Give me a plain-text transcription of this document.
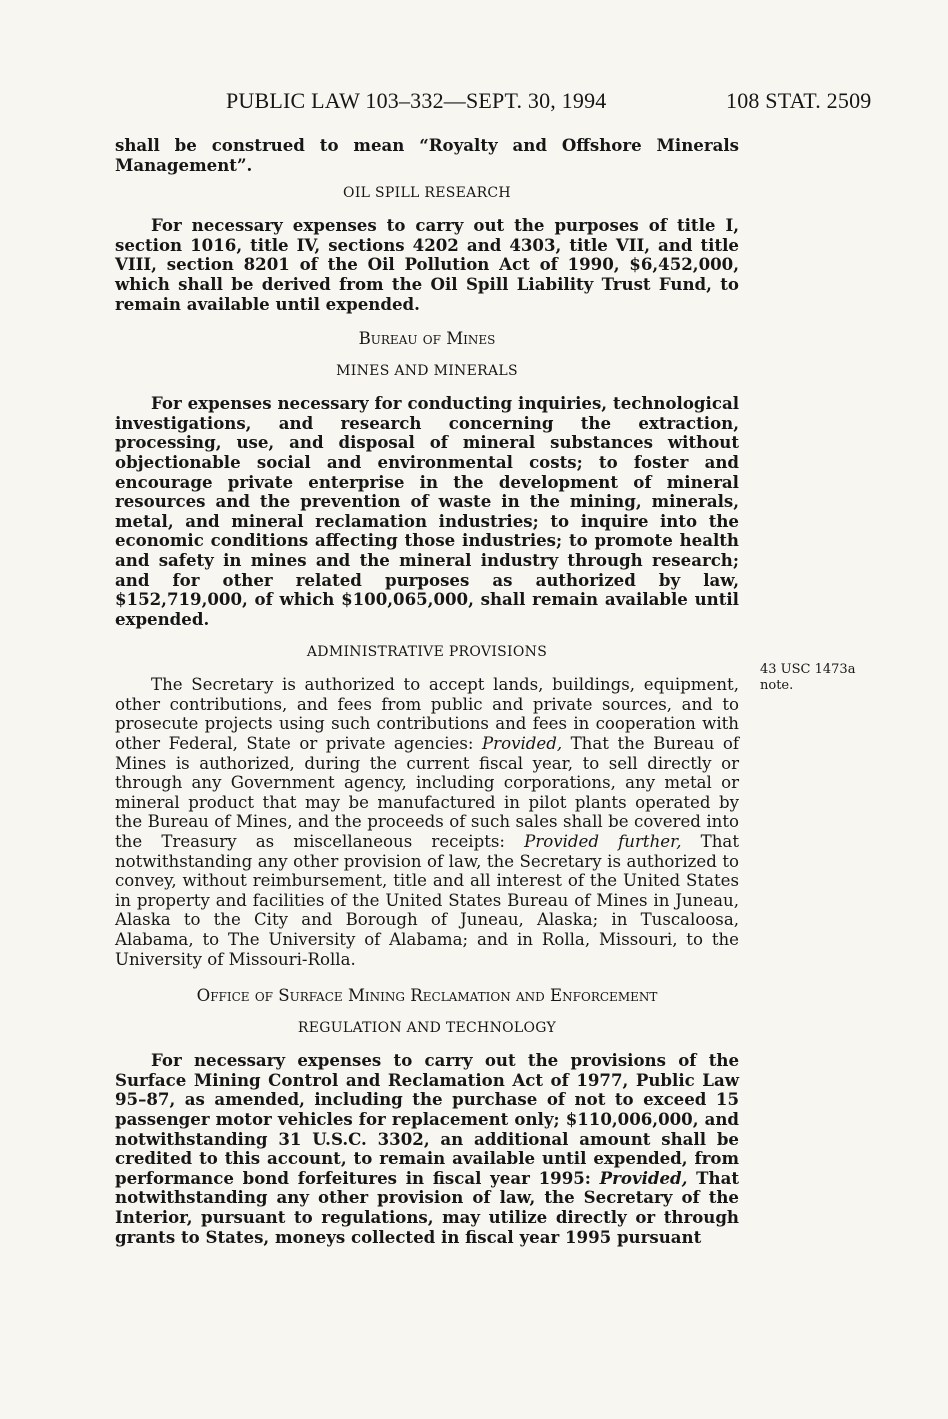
PUBLIC LAW 103–332—SEPT. 30, 1994	108 STAT. 2509

shall be construed to mean “Royalty and Offshore Minerals Management”.

OIL SPILL RESEARCH

For necessary expenses to carry out the purposes of title I, section 1016, title IV, sections 4202 and 4303, title VII, and title VIII, section 8201 of the Oil Pollution Act of 1990, $6,452,000, which shall be derived from the Oil Spill Liability Trust Fund, to remain available until expended.

Bureau of Mines
MINES AND MINERALS

For expenses necessary for conducting inquiries, technological investigations, and research concerning the extraction, processing, use, and disposal of mineral substances without objectionable social and environmental costs; to foster and encourage private enterprise in the development of mineral resources and the prevention of waste in the mining, minerals, metal, and mineral reclamation industries; to inquire into the economic conditions affecting those industries; to promote health and safety in mines and the mineral industry through research; and for other related purposes as authorized by law, $152,719,000, of which $100,065,000, shall remain available until expended.

ADMINISTRATIVE PROVISIONS

The Secretary is authorized to accept lands, buildings, equipment, other contributions, and fees from public and private sources, and to prosecute projects using such contributions and fees in cooperation with other Federal, State or private agencies: Provided, That the Bureau of Mines is authorized, during the current fiscal year, to sell directly or through any Government agency, including corporations, any metal or mineral product that may be manufactured in pilot plants operated by the Bureau of Mines, and the proceeds of such sales shall be covered into the Treasury as miscellaneous receipts: Provided further, That notwithstanding any other provision of law, the Secretary is authorized to convey, without reimbursement, title and all interest of the United States in property and facilities of the United States Bureau of Mines in Juneau, Alaska to the City and Borough of Juneau, Alaska; in Tuscaloosa, Alabama, to The University of Alabama; and in Rolla, Missouri, to the University of Missouri-Rolla.

Office of Surface Mining Reclamation and Enforcement
REGULATION AND TECHNOLOGY

For necessary expenses to carry out the provisions of the Surface Mining Control and Reclamation Act of 1977, Public Law 95–87, as amended, including the purchase of not to exceed 15 passenger motor vehicles for replacement only; $110,006,000, and notwithstanding 31 U.S.C. 3302, an additional amount shall be credited to this account, to remain available until expended, from performance bond forfeitures in fiscal year 1995: Provided, That notwithstanding any other provision of law, the Secretary of the Interior, pursuant to regulations, may utilize directly or through grants to States, moneys collected in fiscal year 1995 pursuant

43 USC 1473a note.
